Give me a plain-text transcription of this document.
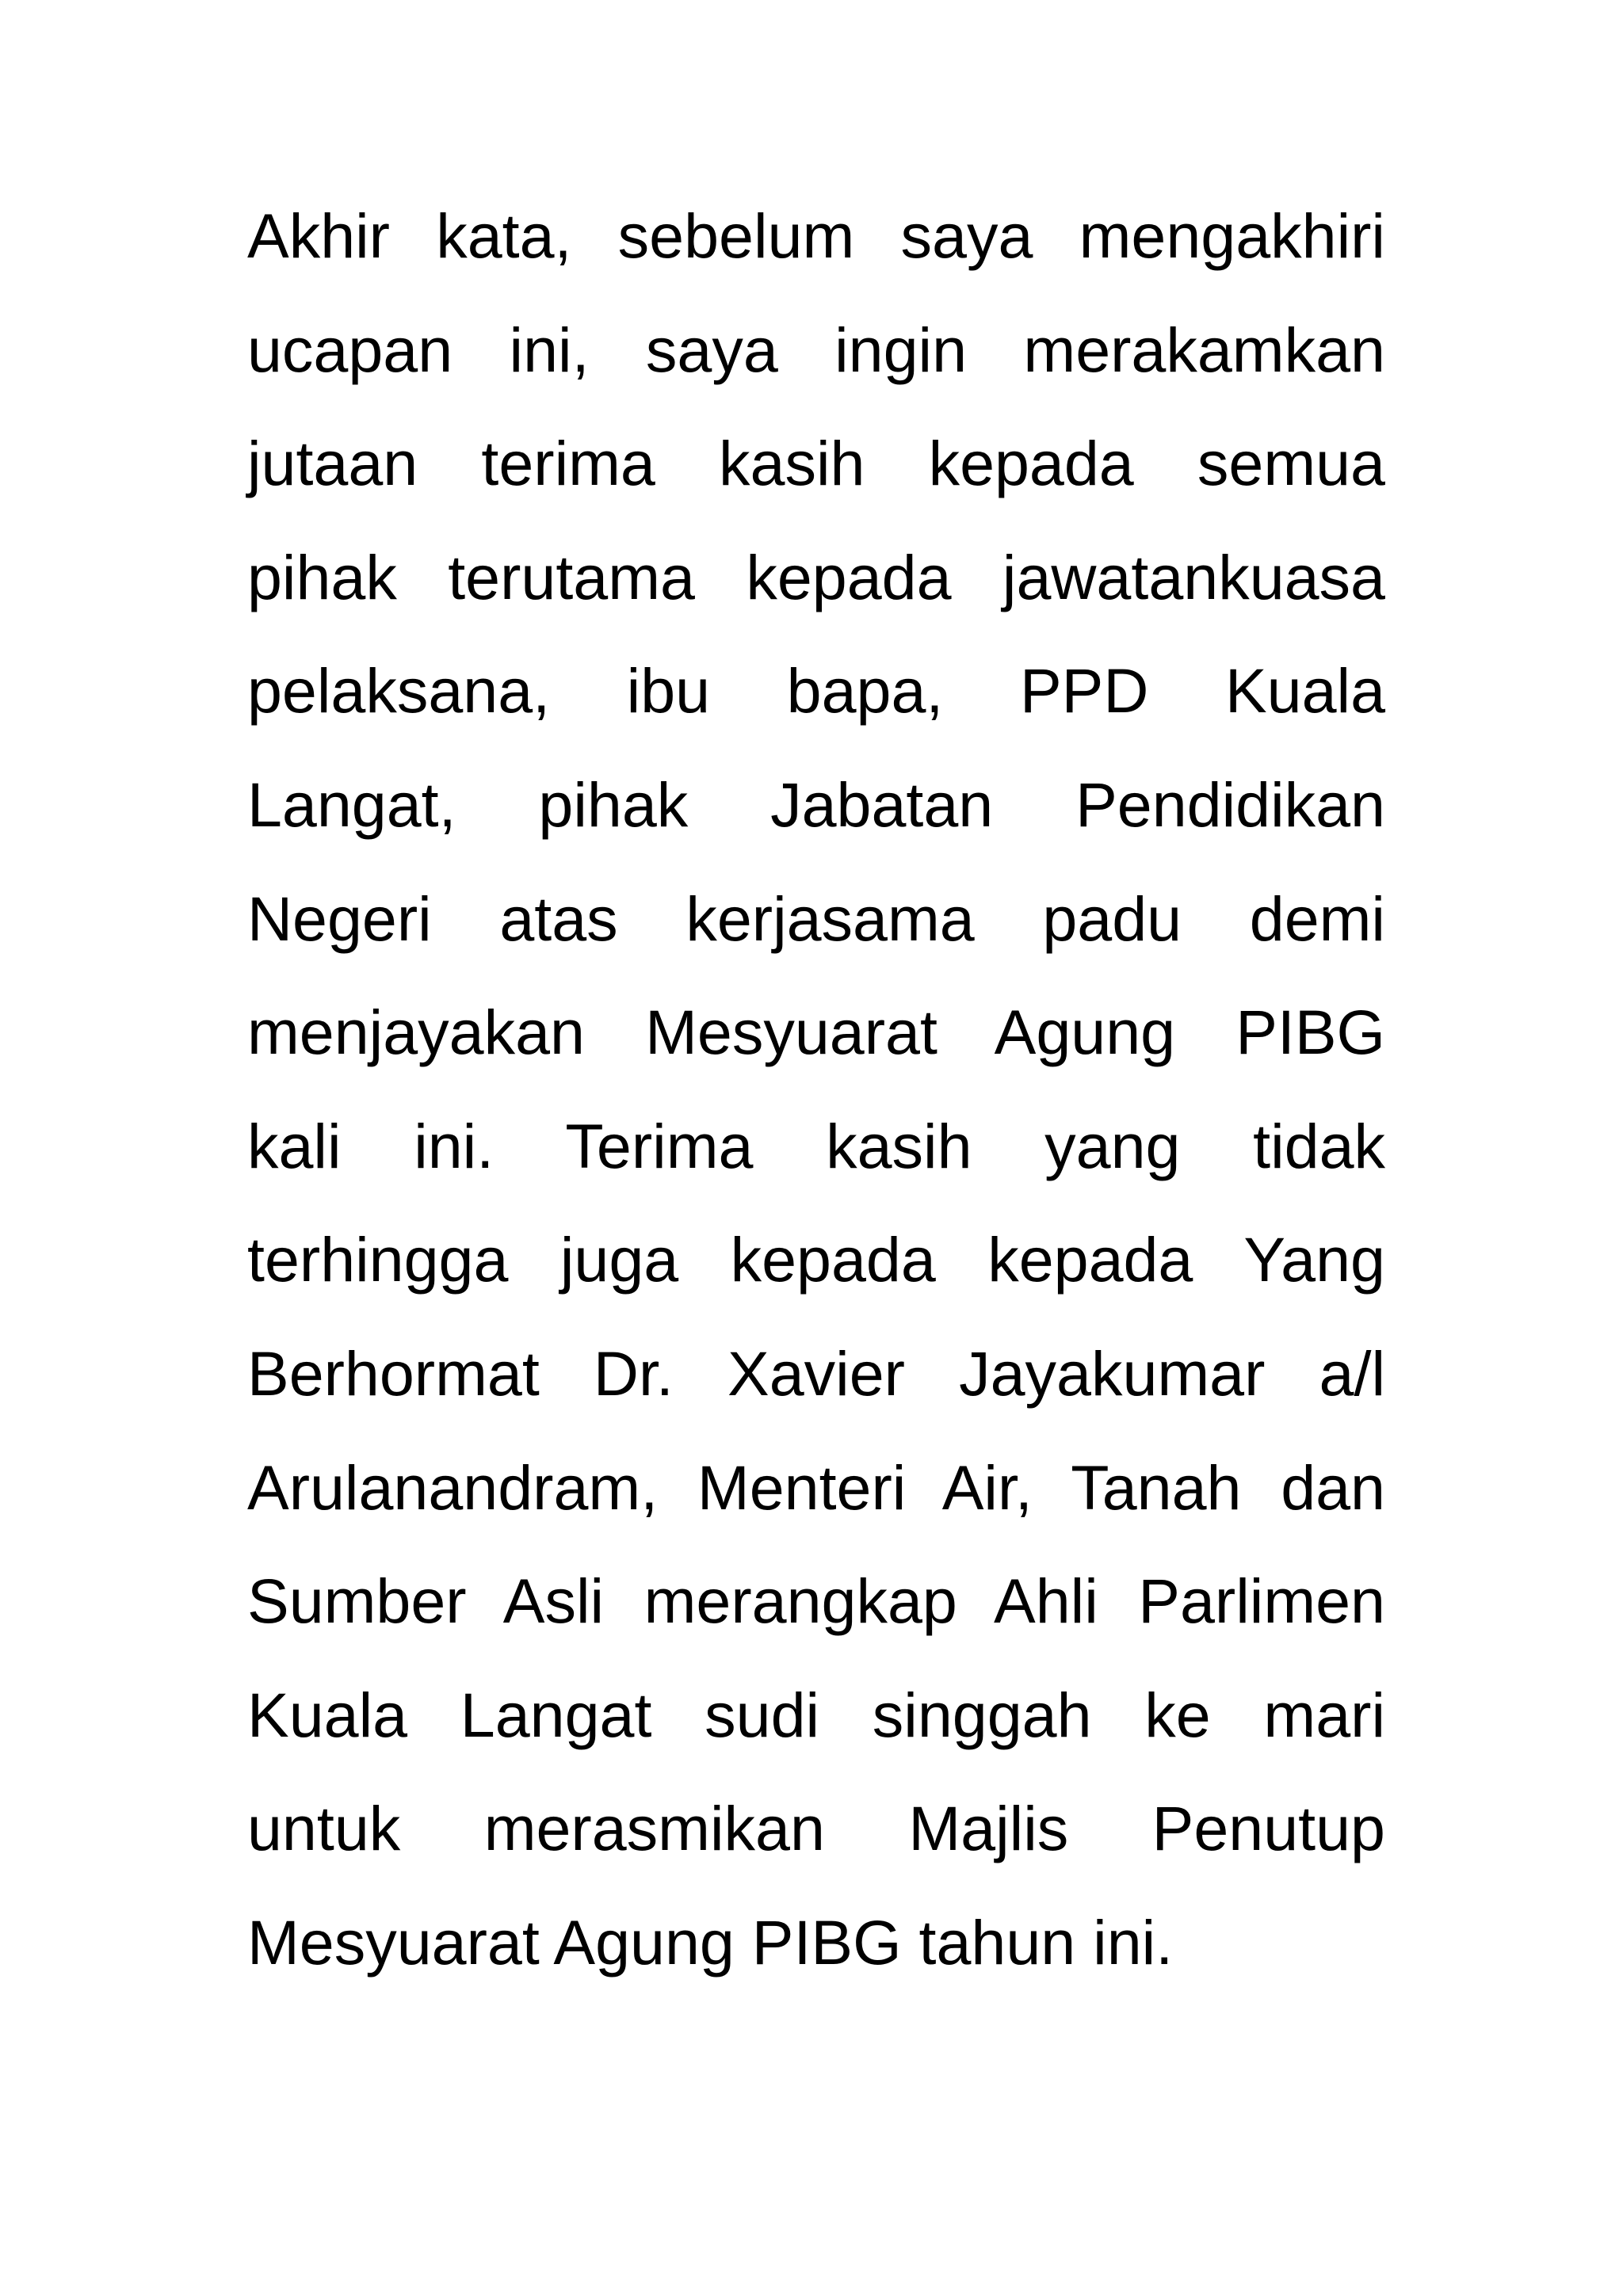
Akhir kata, sebelum saya mengakhiri
ucapan ini, saya ingin merakamkan
jutaan terima kasih kepada semua
pihak terutama kepada jawatankuasa
pelaksana, ibu bapa, PPD Kuala
Langat, pihak Jabatan Pendidikan
Negeri atas kerjasama padu demi
menjayakan Mesyuarat Agung PIBG
kali ini. Terima kasih yang tidak
terhingga juga kepada kepada Yang
Berhormat Dr. Xavier Jayakumar a/l
Arulanandram, Menteri Air, Tanah dan
Sumber Asli merangkap Ahli Parlimen
Kuala Langat sudi singgah ke mari
untuk merasmikan Majlis Penutup
Mesyuarat Agung PIBG tahun ini.
